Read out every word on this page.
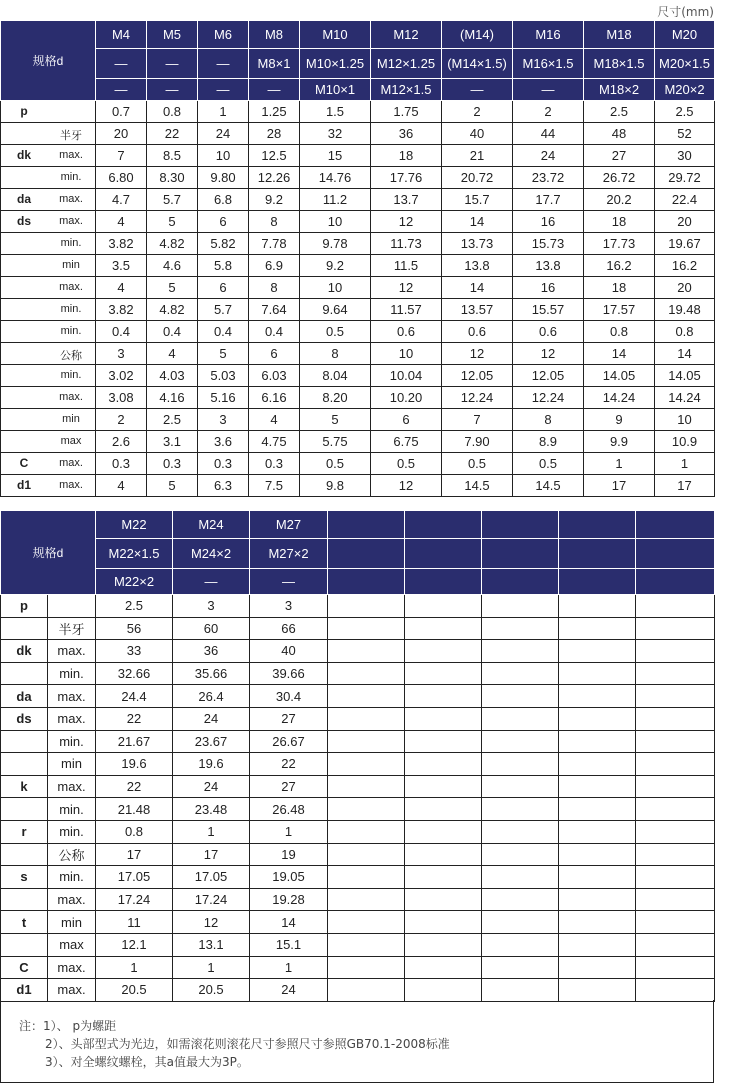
尺寸(mm)
规格d	M4	M5	M6	M8	M10	M12	(M14)	M16	M18	M20
	—	—	—	M8×1	M10×1.25	M12×1.25	(M14×1.5)	M16×1.5	M18×1.5	M20×1.5
	—	—	—	—	M10×1	M12×1.5	—	—	M18×2	M20×2

p	0.7	0.8	1	1.25	1.5	1.75	2	2	2.5	2.5

半牙	20	22	24	28	32	36	40	44	48	52

dk max.	7	8.5	10	12.5	15	18	21	24	27	30

min.	6.80	8.30	9.80	12.26	14.76	17.76	20.72	23.72	26.72	29.72

da max.	4.7	5.7	6.8	9.2	11.2	13.7	15.7	17.7	20.2	22.4

ds max.	4	5	6	8	10	12	14	16	18	20

min.	3.82	4.82	5.82	7.78	9.78	11.73	13.73	15.73	17.73	19.67

min	3.5	4.6	5.8	6.9	9.2	11.5	13.8	13.8	16.2	16.2

max.	4	5	6	8	10	12	14	16	18	20

min.	3.82	4.82	5.7	7.64	9.64	11.57	13.57	15.57	17.57	19.48

min.	0.4	0.4	0.4	0.4	0.5	0.6	0.6	0.6	0.8	0.8

公称	3	4	5	6	8	10	12	12	14	14

min.	3.02	4.03	5.03	6.03	8.04	10.04	12.05	12.05	14.05	14.05

max.	3.08	4.16	5.16	6.16	8.20	10.20	12.24	12.24	14.24	14.24

min	2	2.5	3	4	5	6	7	8	9	10

max	2.6	3.1	3.6	4.75	5.75	6.75	7.90	8.9	9.9	10.9

C max.	0.3	0.3	0.3	0.3	0.5	0.5	0.5	0.5	1	1

d1 max.	4	5	6.3	7.5	9.8	12	14.5	14.5	17	17
规格d		M22	M24	M27					
		M22×1.5	M24×2	M27×2					
		M22×2	—	—					
p		2.5	3	3					
	半牙	56	60	66					
dk	max.	33	36	40					
	min.	32.66	35.66	39.66					
da	max.	24.4	26.4	30.4					
ds	max.	22	24	27					
	min.	21.67	23.67	26.67					
	min	19.6	19.6	22					
k	max.	22	24	27					
	min.	21.48	23.48	26.48					
r	min.	0.8	1	1					
	公称	17	17	19					
s	min.	17.05	17.05	19.05					
	max.	17.24	17.24	19.28					
t	min	11	12	14					
	max	12.1	13.1	15.1					
C	max.	1	1	1					
d1	max.	20.5	20.5	24					
注：1）、 p为螺距
2）、头部型式为光边，如需滚花则滚花尺寸参照尺寸参照GB70.1-2008标准
3）、对全螺纹螺栓，其a值最大为3P。
